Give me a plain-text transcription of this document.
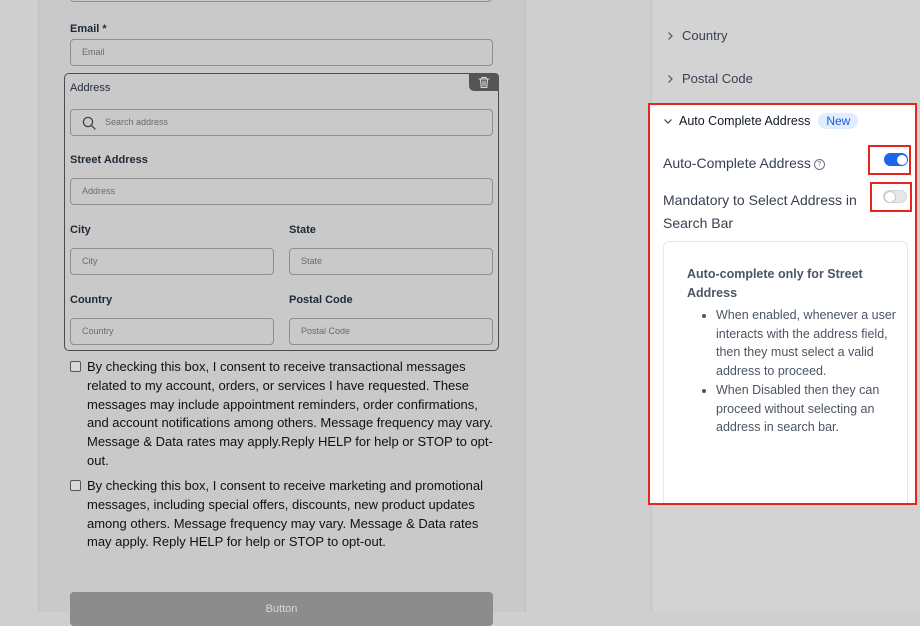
Email *
Email
Address
Search address
Street Address
Address
City
City
State
State
Country
Country
Postal Code
Postal Code
By checking this box, I consent to receive transactional messages related to my account, orders, or services I have requested. These messages may include appointment reminders, order confirmations, and account notifications among others. Message frequency may vary. Message & Data rates may apply.Reply HELP for help or STOP to opt-out.
By checking this box, I consent to receive marketing and promotional messages, including special offers, discounts, new product updates among others. Message frequency may vary. Message & Data rates may apply. Reply HELP for help or STOP to opt-out.
Button
Country
Postal Code
Auto Complete Address	New
Auto-Complete Address ?
Mandatory to Select Address in Search Bar
Auto-complete only for Street Address
• When enabled, whenever a user interacts with the address field, then they must select a valid address to proceed.
• When Disabled then they can proceed without selecting an address in search bar.
